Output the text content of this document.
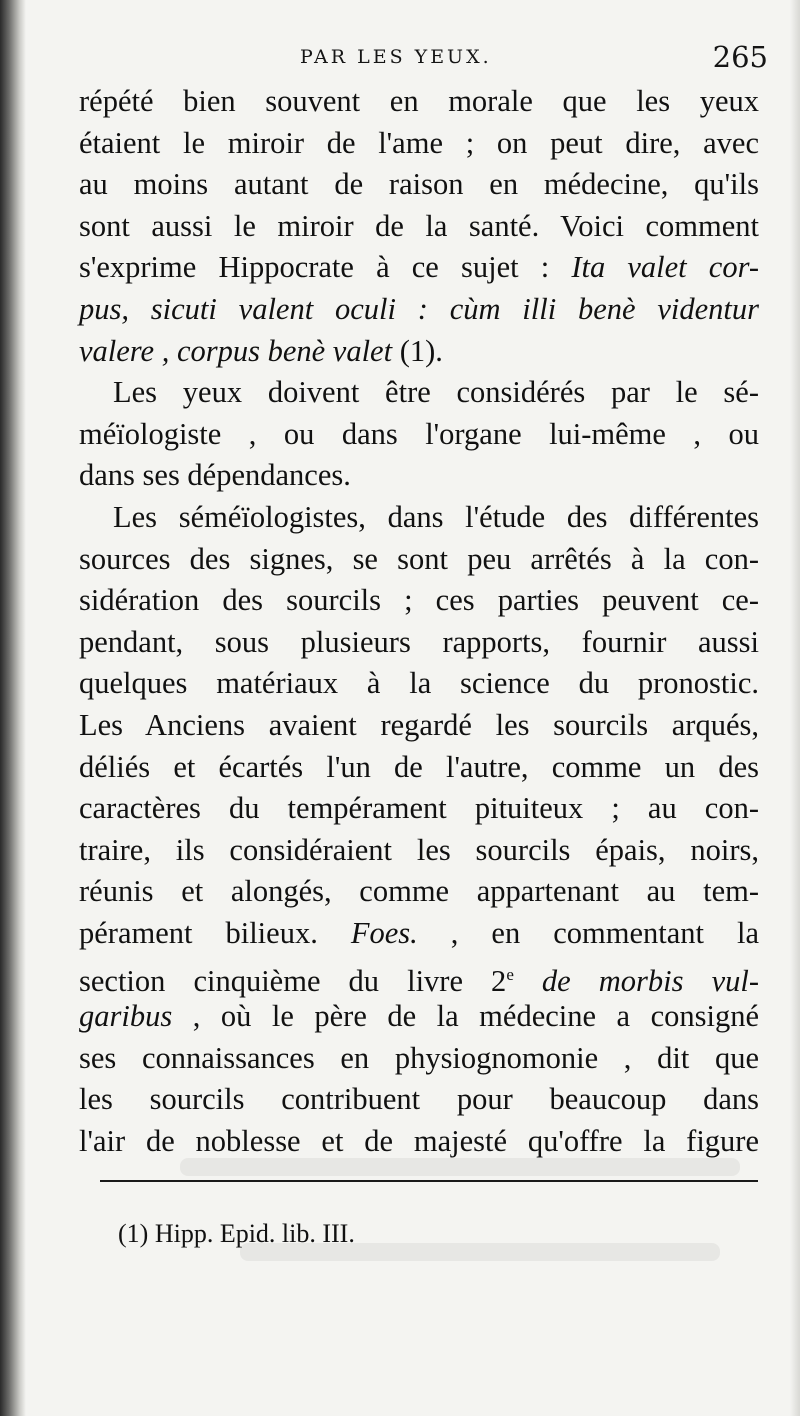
PAR LES YEUX.	265
répété bien souvent en morale que les yeux
étaient le miroir de l'ame ; on peut dire, avec
au moins autant de raison en médecine, qu'ils
sont aussi le miroir de la santé. Voici comment
s'exprime Hippocrate à ce sujet : Ita valet cor-
pus, sicuti valent oculi : cùm illi benè videntur
valere , corpus benè valet (1).
Les yeux doivent être considérés par le sé-
méïologiste , ou dans l'organe lui-même , ou
dans ses dépendances.
Les séméïologistes, dans l'étude des différentes
sources des signes, se sont peu arrêtés à la con-
sidération des sourcils ; ces parties peuvent ce-
pendant, sous plusieurs rapports, fournir aussi
quelques matériaux à la science du pronostic.
Les Anciens avaient regardé les sourcils arqués,
déliés et écartés l'un de l'autre, comme un des
caractères du tempérament pituiteux ; au con-
traire, ils considéraient les sourcils épais, noirs,
réunis et alongés, comme appartenant au tem-
pérament bilieux. Foes. , en commentant la
section cinquième du livre 2e de morbis vul-
garibus , où le père de la médecine a consigné
ses connaissances en physiognomonie , dit que
les sourcils contribuent pour beaucoup dans
l'air de noblesse et de majesté qu'offre la figure
(1) Hipp. Epid. lib. III.
